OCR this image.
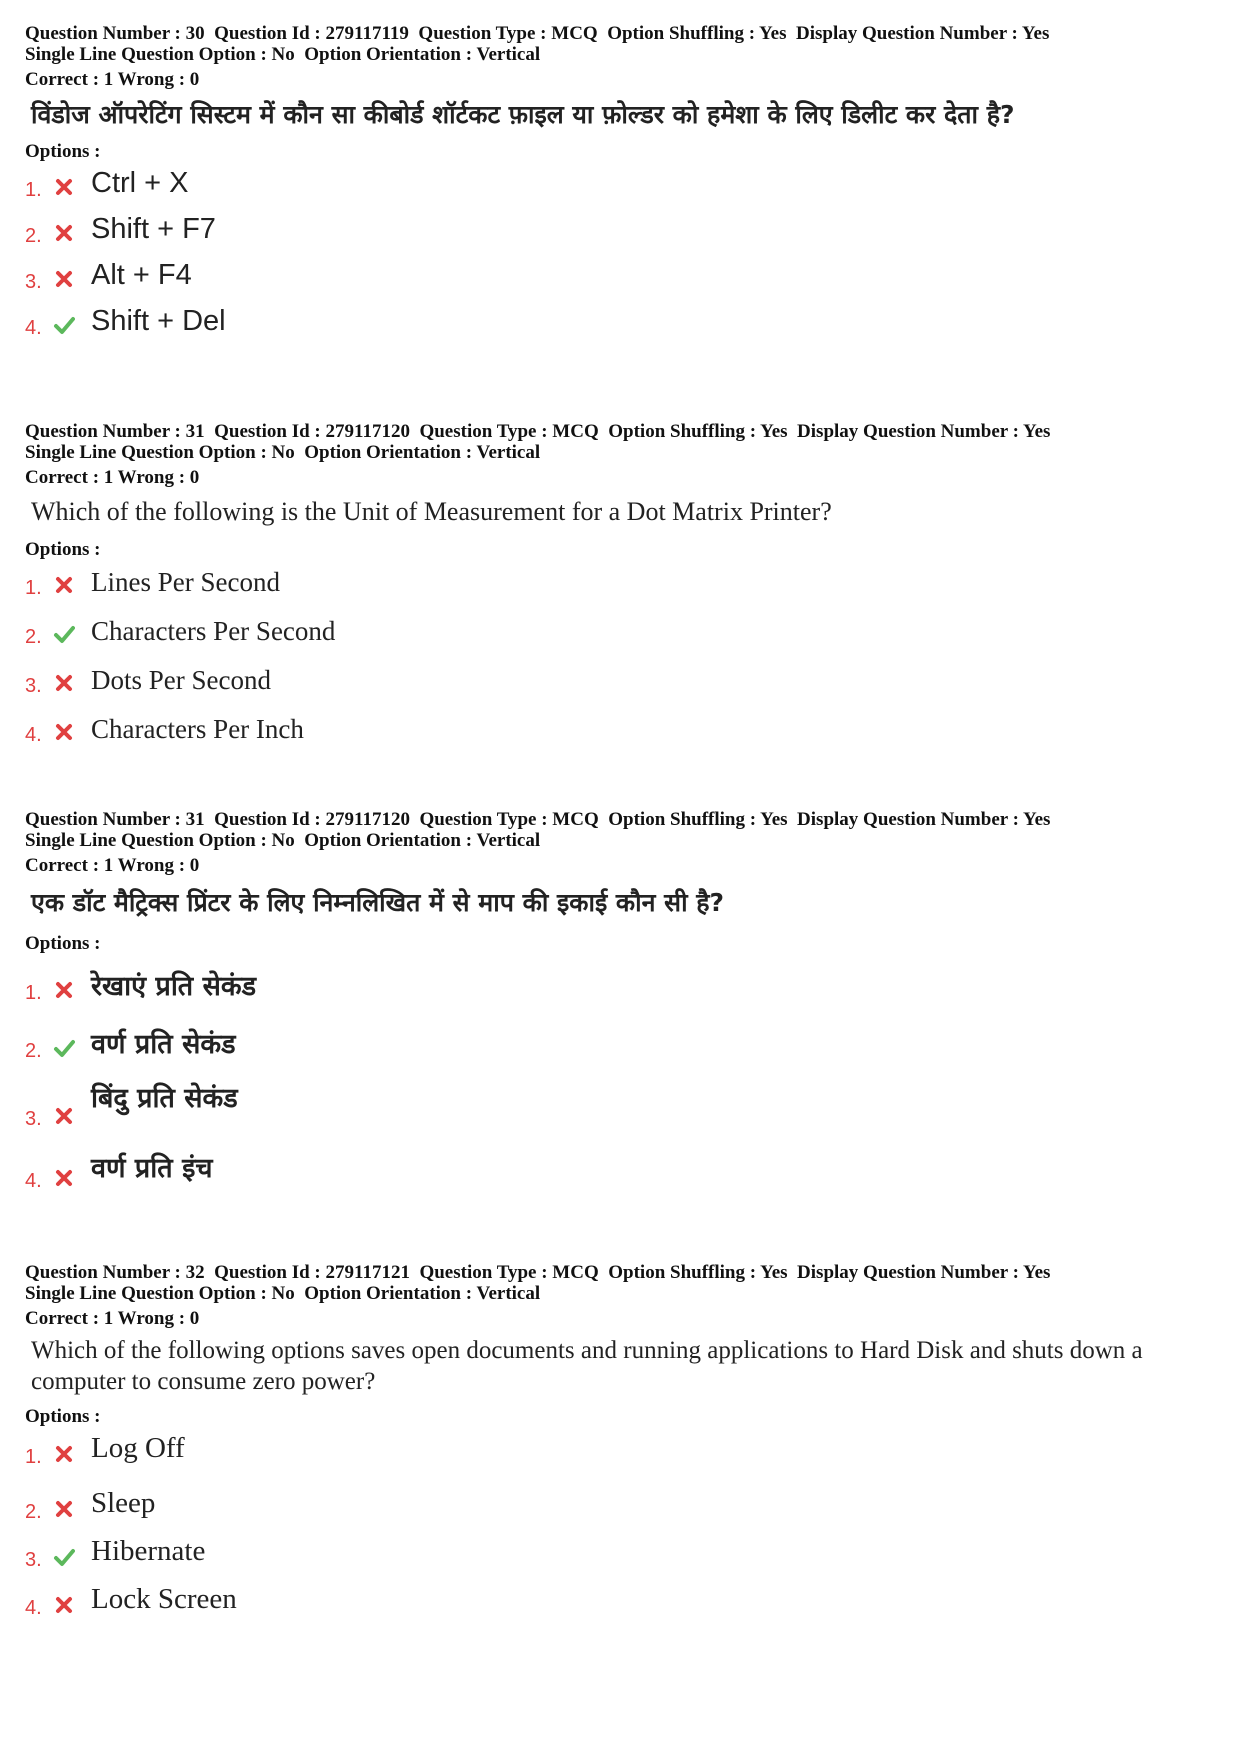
Question Number : 30  Question Id : 279117119  Question Type : MCQ  Option Shuffling : Yes  Display Question Number : Yes
Single Line Question Option : No  Option Orientation : Vertical
Correct : 1 Wrong : 0
विंडोज ऑपरेटिंग सिस्टम में कौन सा कीबोर्ड शॉर्टकट फ़ाइल या फ़ोल्डर को हमेशा के लिए डिलीट कर देता है?
Options :
1. Ctrl + X
2. Shift + F7
3. Alt + F4
4. Shift + Del
Question Number : 31  Question Id : 279117120  Question Type : MCQ  Option Shuffling : Yes  Display Question Number : Yes
Single Line Question Option : No  Option Orientation : Vertical
Correct : 1 Wrong : 0
Which of the following is the Unit of Measurement for a Dot Matrix Printer?
Options :
1. Lines Per Second
2. Characters Per Second
3. Dots Per Second
4. Characters Per Inch
Question Number : 31  Question Id : 279117120  Question Type : MCQ  Option Shuffling : Yes  Display Question Number : Yes
Single Line Question Option : No  Option Orientation : Vertical
Correct : 1 Wrong : 0
एक डॉट मैट्रिक्स प्रिंटर के लिए निम्नलिखित में से माप की इकाई कौन सी है?
Options :
1. रेखाएं प्रति सेकंड
2. वर्ण प्रति सेकंड
3.
बिंदु प्रति सेकंड
4. वर्ण प्रति इंच
Question Number : 32  Question Id : 279117121  Question Type : MCQ  Option Shuffling : Yes  Display Question Number : Yes
Single Line Question Option : No  Option Orientation : Vertical
Correct : 1 Wrong : 0
Which of the following options saves open documents and running applications to Hard Disk and shuts down a
computer to consume zero power?
Options :
1. Log Off
2. Sleep
3. Hibernate
4. Lock Screen
